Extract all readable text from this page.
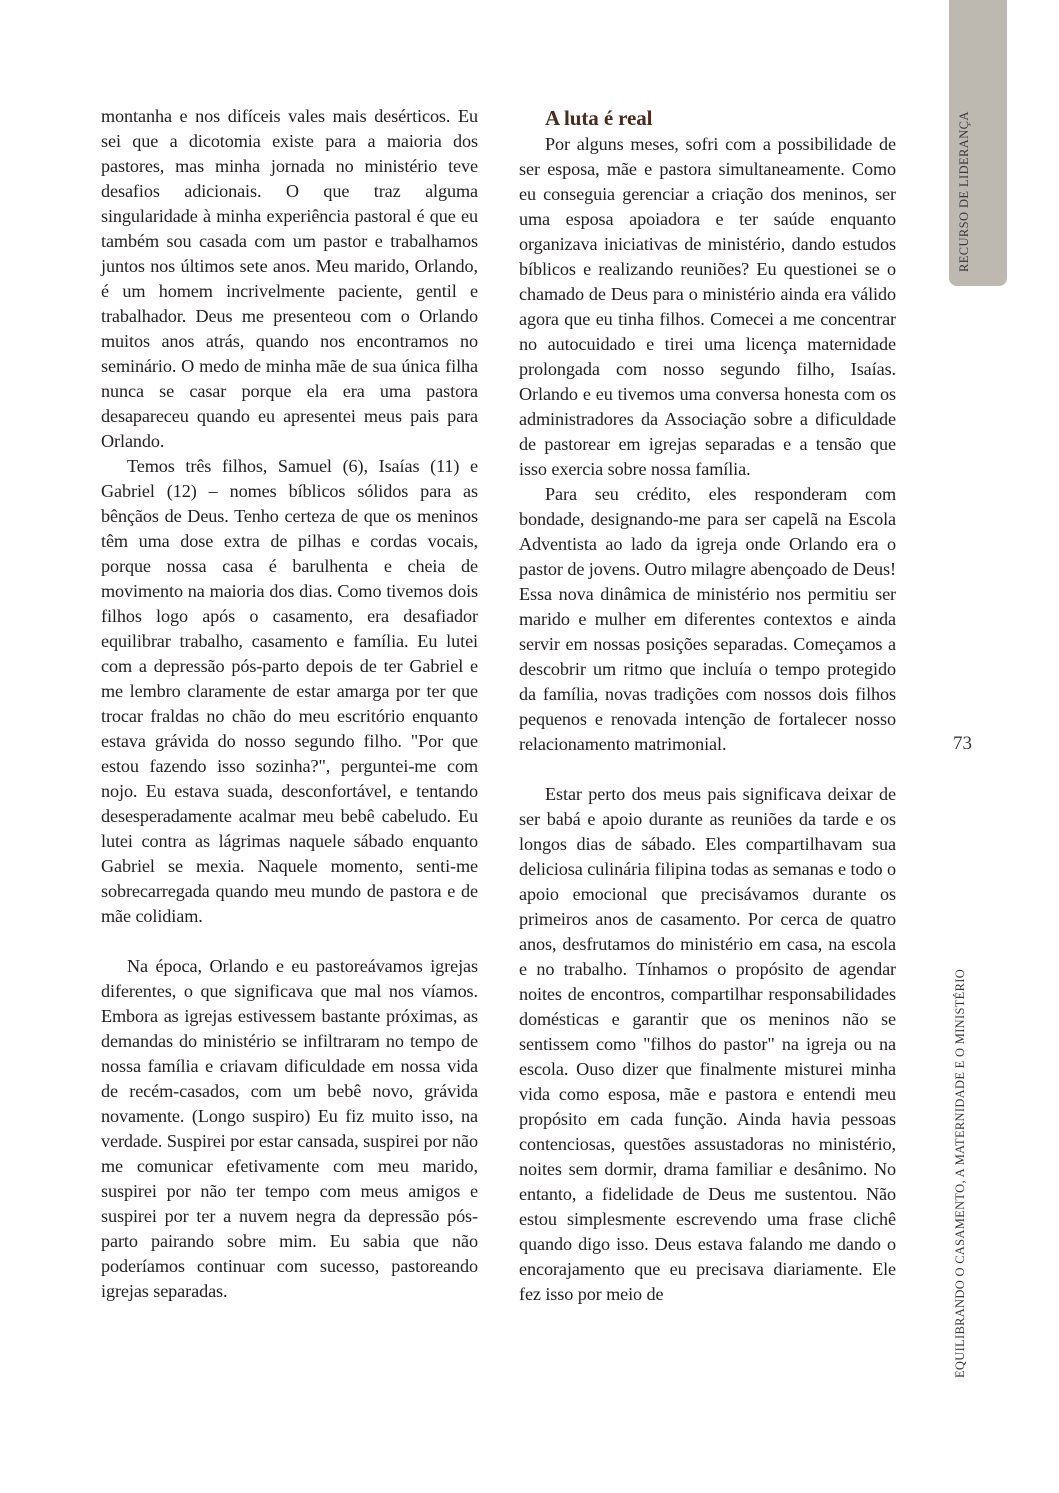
montanha e nos difíceis vales mais desérticos. Eu sei que a dicotomia existe para a maioria dos pastores, mas minha jornada no ministério teve desafios adicionais. O que traz alguma singularidade à minha experiência pastoral é que eu também sou casada com um pastor e trabalhamos juntos nos últimos sete anos. Meu marido, Orlando, é um homem incrivelmente paciente, gentil e trabalhador. Deus me presenteou com o Orlando muitos anos atrás, quando nos encontramos no seminário. O medo de minha mãe de sua única filha nunca se casar porque ela era uma pastora desapareceu quando eu apresentei meus pais para Orlando.

Temos três filhos, Samuel (6), Isaías (11) e Gabriel (12) – nomes bíblicos sólidos para as bênçãos de Deus. Tenho certeza de que os meninos têm uma dose extra de pilhas e cordas vocais, porque nossa casa é barulhenta e cheia de movimento na maioria dos dias. Como tivemos dois filhos logo após o casamento, era desafiador equilibrar trabalho, casamento e família. Eu lutei com a depressão pós-parto depois de ter Gabriel e me lembro claramente de estar amarga por ter que trocar fraldas no chão do meu escritório enquanto estava grávida do nosso segundo filho. "Por que estou fazendo isso sozinha?", perguntei-me com nojo. Eu estava suada, desconfortável, e tentando desesperadamente acalmar meu bebê cabeludo. Eu lutei contra as lágrimas naquele sábado enquanto Gabriel se mexia. Naquele momento, senti-me sobrecarregada quando meu mundo de pastora e de mãe colidiam.

Na época, Orlando e eu pastoreávamos igrejas diferentes, o que significava que mal nos víamos. Embora as igrejas estivessem bastante próximas, as demandas do ministério se infiltraram no tempo de nossa família e criavam dificuldade em nossa vida de recém-casados, com um bebê novo, grávida novamente. (Longo suspiro) Eu fiz muito isso, na verdade. Suspirei por estar cansada, suspirei por não me comunicar efetivamente com meu marido, suspirei por não ter tempo com meus amigos e suspirei por ter a nuvem negra da depressão pós-parto pairando sobre mim. Eu sabia que não poderíamos continuar com sucesso, pastoreando igrejas separadas.

A luta é real

Por alguns meses, sofri com a possibilidade de ser esposa, mãe e pastora simultaneamente. Como eu conseguia gerenciar a criação dos meninos, ser uma esposa apoiadora e ter saúde enquanto organizava iniciativas de ministério, dando estudos bíblicos e realizando reuniões? Eu questionei se o chamado de Deus para o ministério ainda era válido agora que eu tinha filhos. Comecei a me concentrar no autocuidado e tirei uma licença maternidade prolongada com nosso segundo filho, Isaías. Orlando e eu tivemos uma conversa honesta com os administradores da Associação sobre a dificuldade de pastorear em igrejas separadas e a tensão que isso exercia sobre nossa família.

Para seu crédito, eles responderam com bondade, designando-me para ser capelã na Escola Adventista ao lado da igreja onde Orlando era o pastor de jovens. Outro milagre abençoado de Deus! Essa nova dinâmica de ministério nos permitiu ser marido e mulher em diferentes contextos e ainda servir em nossas posições separadas. Começamos a descobrir um ritmo que incluía o tempo protegido da família, novas tradições com nossos dois filhos pequenos e renovada intenção de fortalecer nosso relacionamento matrimonial.

Estar perto dos meus pais significava deixar de ser babá e apoio durante as reuniões da tarde e os longos dias de sábado. Eles compartilhavam sua deliciosa culinária filipina todas as semanas e todo o apoio emocional que precisávamos durante os primeiros anos de casamento. Por cerca de quatro anos, desfrutamos do ministério em casa, na escola e no trabalho. Tínhamos o propósito de agendar noites de encontros, compartilhar responsabilidades domésticas e garantir que os meninos não se sentissem como "filhos do pastor" na igreja ou na escola. Ouso dizer que finalmente misturei minha vida como esposa, mãe e pastora e entendi meu propósito em cada função. Ainda havia pessoas contenciosas, questões assustadoras no ministério, noites sem dormir, drama familiar e desânimo. No entanto, a fidelidade de Deus me sustentou. Não estou simplesmente escrevendo uma frase clichê quando digo isso. Deus estava falando me dando o encorajamento que eu precisava diariamente. Ele fez isso por meio de

RECURSO DE LIDERANÇA
73
EQUILIBRANDO O CASAMENTO, A MATERNIDADE E O MINISTÉRIO
